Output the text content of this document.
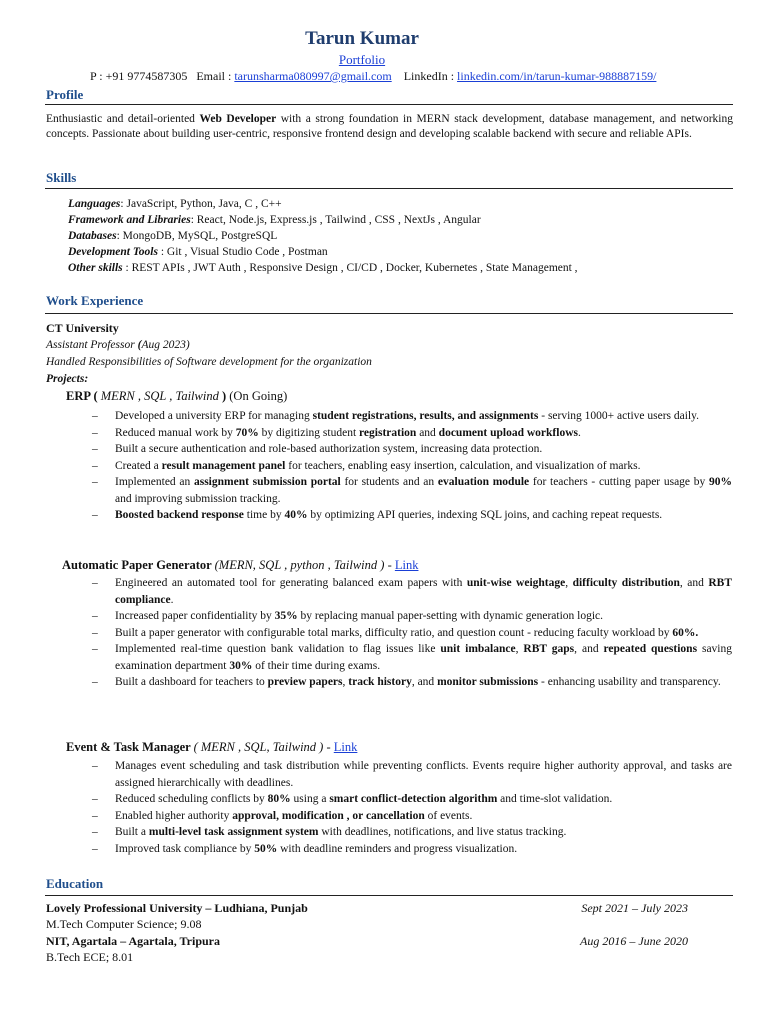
Tarun Kumar
Portfolio
P : +91 9774587305 Email : tarunsharma080997@gmail.com LinkedIn : linkedin.com/in/tarun-kumar-988887159/
Profile
Enthusiastic and detail-oriented Web Developer with a strong foundation in MERN stack development, database management, and networking concepts. Passionate about building user-centric, responsive frontend design and developing scalable backend with secure and reliable APIs.
Skills
Languages: JavaScript, Python, Java, C , C++
Framework and Libraries: React, Node.js, Express.js , Tailwind , CSS , NextJs , Angular
Databases: MongoDB, MySQL, PostgreSQL
Development Tools : Git , Visual Studio Code , Postman
Other skills : REST APIs , JWT Auth , Responsive Design , CI/CD , Docker, Kubernetes , State Management ,
Work Experience
CT University
Assistant Professor (Aug 2023)
Handled Responsibilities of Software development for the organization
Projects:
ERP ( MERN , SQL , Tailwind ) (On Going)
– Developed a university ERP for managing student registrations, results, and assignments - serving 1000+ active users daily.
– Reduced manual work by 70% by digitizing student registration and document upload workflows.
– Built a secure authentication and role-based authorization system, increasing data protection.
– Created a result management panel for teachers, enabling easy insertion, calculation, and visualization of marks.
– Implemented an assignment submission portal for students and an evaluation module for teachers - cutting paper usage by 90% and improving submission tracking.
– Boosted backend response time by 40% by optimizing API queries, indexing SQL joins, and caching repeat requests.
Automatic Paper Generator (MERN, SQL , python , Tailwind ) - Link
– Engineered an automated tool for generating balanced exam papers with unit-wise weightage, difficulty distribution, and RBT compliance.
– Increased paper confidentiality by 35% by replacing manual paper-setting with dynamic generation logic.
– Built a paper generator with configurable total marks, difficulty ratio, and question count - reducing faculty workload by 60%.
– Implemented real-time question bank validation to flag issues like unit imbalance, RBT gaps, and repeated questions saving examination department 30% of their time during exams.
– Built a dashboard for teachers to preview papers, track history, and monitor submissions - enhancing usability and transparency.
Event & Task Manager ( MERN , SQL, Tailwind ) - Link
– Manages event scheduling and task distribution while preventing conflicts. Events require higher authority approval, and tasks are assigned hierarchically with deadlines.
– Reduced scheduling conflicts by 80% using a smart conflict-detection algorithm and time-slot validation.
– Enabled higher authority approval, modification , or cancellation of events.
– Built a multi-level task assignment system with deadlines, notifications, and live status tracking.
– Improved task compliance by 50% with deadline reminders and progress visualization.
Education
Lovely Professional University – Ludhiana, Punjab	Sept 2021 – July 2023
M.Tech Computer Science; 9.08
NIT, Agartala – Agartala, Tripura	Aug 2016 – June 2020
B.Tech ECE; 8.01
